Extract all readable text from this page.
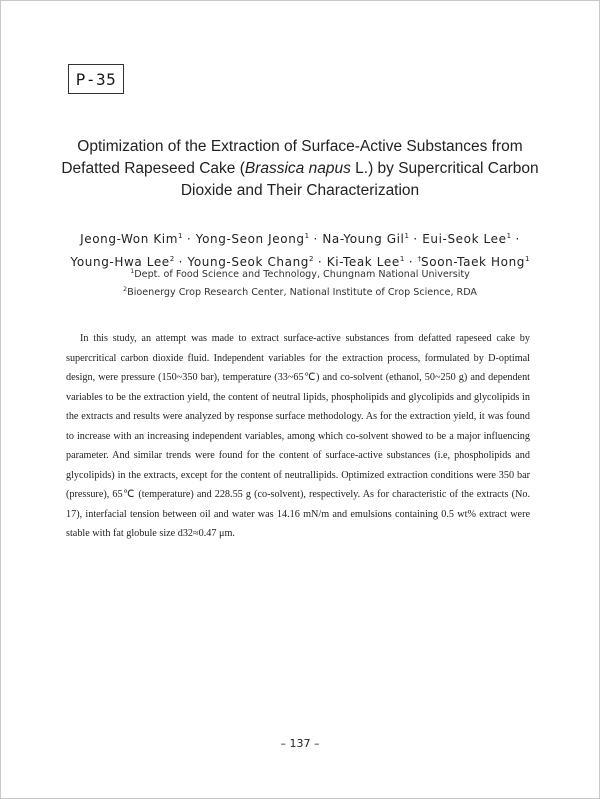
P-35
Optimization of the Extraction of Surface-Active Substances from
Defatted Rapeseed Cake (Brassica napus L.) by Supercritical Carbon
Dioxide and Their Characterization
Jeong-Won Kim$^1$ · Yong-Seon Jeong$^1$ · Na-Young Gil$^1$ · Eui-Seok Lee$^1$ ·
Young-Hwa Lee$^2$ · Young-Seok Chang$^2$ · Ki-Teak Lee$^1$ · †Soon-Taek Hong$^1$
$^1$Dept. of Food Science and Technology, Chungnam National University
$^2$Bioenergy Crop Research Center, National Institute of Crop Science, RDA

In this study, an attempt was made to extract surface-active substances from defatted rapeseed cake by supercritical carbon dioxide fluid. Independent variables for the extraction process, formulated by D-optimal design, were pressure (150~350 bar), temperature (33~65℃) and co-solvent (ethanol, 50~250 g) and dependent variables to be the extraction yield, the content of neutral lipids, phospholipids and glycolipids and glycolipids in the extracts and results were analyzed by response surface methodology. As for the extraction yield, it was found to increase with an increasing independent variables, among which co-solvent showed to be a major influencing parameter. And similar trends were found for the content of surface-active substances (i.e, phospholipids and glycolipids) in the extracts, except for the content of neutrallipids. Optimized extraction conditions were 350 bar (pressure), 65℃ (temperature) and 228.55 g (co-solvent), respectively. As for characteristic of the extracts (No. 17), interfacial tension between oil and water was 14.16 mN/m and emulsions containing 0.5 wt% extract were stable with fat globule size d32≈0.47 μm.

– 137 –
